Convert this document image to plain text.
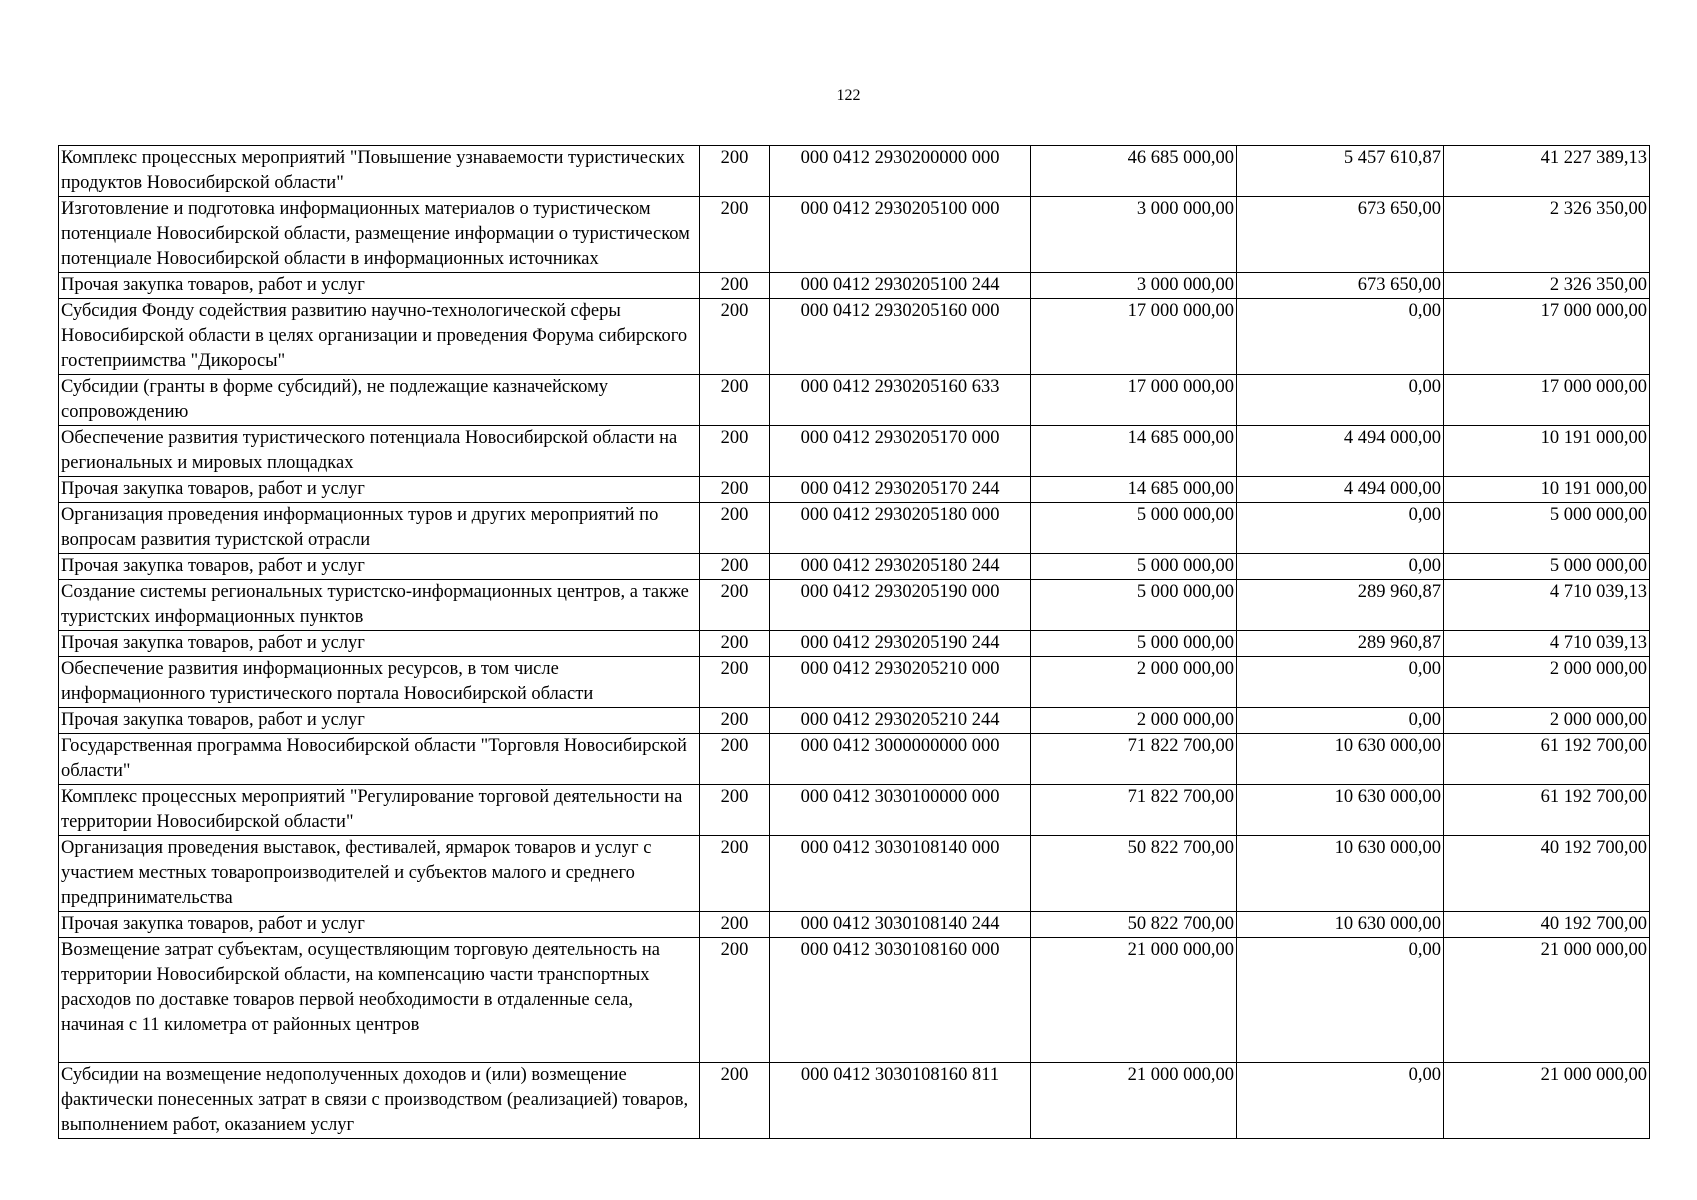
122
Комплекс процессных мероприятий "Повышение узнаваемости туристических продуктов Новосибирской области"	200	000 0412 2930200000 000	46 685 000,00	5 457 610,87	41 227 389,13
Изготовление и подготовка информационных материалов о туристическом потенциале Новосибирской области, размещение информации о туристическом потенциале Новосибирской области в информационных источниках	200	000 0412 2930205100 000	3 000 000,00	673 650,00	2 326 350,00
Прочая закупка товаров, работ и услуг	200	000 0412 2930205100 244	3 000 000,00	673 650,00	2 326 350,00
Субсидия Фонду содействия развитию научно-технологической сферы Новосибирской области в целях организации и проведения Форума сибирского гостеприимства "Дикоросы"	200	000 0412 2930205160 000	17 000 000,00	0,00	17 000 000,00
Субсидии (гранты в форме субсидий), не подлежащие казначейскому сопровождению	200	000 0412 2930205160 633	17 000 000,00	0,00	17 000 000,00
Обеспечение развития туристического потенциала Новосибирской области на региональных и мировых площадках	200	000 0412 2930205170 000	14 685 000,00	4 494 000,00	10 191 000,00
Прочая закупка товаров, работ и услуг	200	000 0412 2930205170 244	14 685 000,00	4 494 000,00	10 191 000,00
Организация проведения информационных туров и других мероприятий по вопросам развития туристской отрасли	200	000 0412 2930205180 000	5 000 000,00	0,00	5 000 000,00
Прочая закупка товаров, работ и услуг	200	000 0412 2930205180 244	5 000 000,00	0,00	5 000 000,00
Создание системы региональных туристско-информационных центров, а также туристских информационных пунктов	200	000 0412 2930205190 000	5 000 000,00	289 960,87	4 710 039,13
Прочая закупка товаров, работ и услуг	200	000 0412 2930205190 244	5 000 000,00	289 960,87	4 710 039,13
Обеспечение развития информационных ресурсов, в том числе информационного туристического портала Новосибирской области	200	000 0412 2930205210 000	2 000 000,00	0,00	2 000 000,00
Прочая закупка товаров, работ и услуг	200	000 0412 2930205210 244	2 000 000,00	0,00	2 000 000,00
Государственная программа Новосибирской области "Торговля Новосибирской области"	200	000 0412 3000000000 000	71 822 700,00	10 630 000,00	61 192 700,00
Комплекс процессных мероприятий "Регулирование торговой деятельности на территории Новосибирской области"	200	000 0412 3030100000 000	71 822 700,00	10 630 000,00	61 192 700,00
Организация проведения выставок, фестивалей, ярмарок товаров и услуг с участием местных товаропроизводителей и субъектов малого и среднего предпринимательства	200	000 0412 3030108140 000	50 822 700,00	10 630 000,00	40 192 700,00
Прочая закупка товаров, работ и услуг	200	000 0412 3030108140 244	50 822 700,00	10 630 000,00	40 192 700,00
Возмещение затрат субъектам, осуществляющим торговую деятельность на территории Новосибирской области, на компенсацию части транспортных расходов по доставке товаров первой необходимости в отдаленные села, начиная с 11 километра от районных центров	200	000 0412 3030108160 000	21 000 000,00	0,00	21 000 000,00
Субсидии на возмещение недополученных доходов и (или) возмещение фактически понесенных затрат в связи с производством (реализацией) товаров, выполнением работ, оказанием услуг	200	000 0412 3030108160 811	21 000 000,00	0,00	21 000 000,00
